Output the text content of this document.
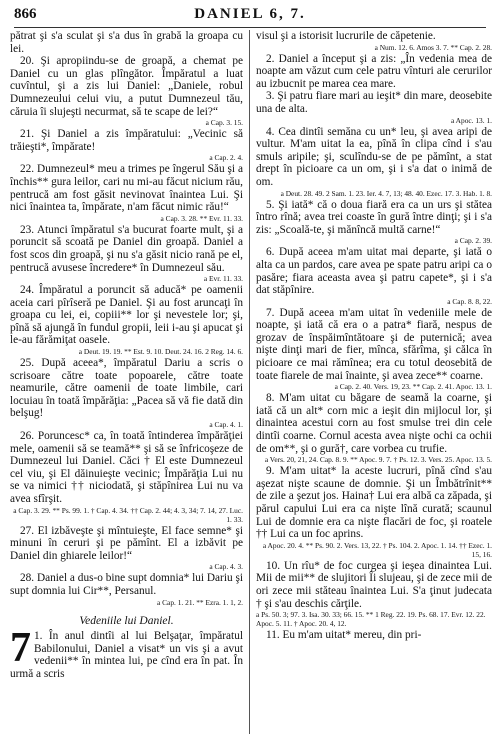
866	DANIEL 6, 7.

pătrat şi s'a sculat şi s'a dus în grabă la groapa cu lei.

20. Şi apropiindu-se de groapă, a chemat pe Daniel cu un glas plîngător. Împăratul a luat cuvîntul, şi a zis lui Daniel: „Daniele, robul Dumnezeului celui viu, a putut Dumnezeul tău, căruia îi slujeşti necurmat, să te scape de lei?“

a Cap. 3. 15.

21. Şi Daniel a zis împăratului: „Vecinic să trăieşti*, împărate!

a Cap. 2. 4.

22. Dumnezeul* meu a trimes pe îngerul Său şi a închis** gura leilor, cari nu mi-au făcut nicium rău, pentrucă am fost găsit nevinovat înaintea Lui. Şi nici înaintea ta, împărate, n'am făcut nimic rău!“

a Cap. 3. 28. ** Evr. 11. 33.

23. Atunci împăratul s'a bucurat foarte mult, şi a poruncit să scoată pe Daniel din groapă. Daniel a fost scos din groapă, şi nu s'a găsit nicio rană pe el, pentrucă avusese încredere* în Dumnezeul său.

a Evr. 11. 33.

24. Împăratul a poruncit să aducă* pe oamenii aceia cari pîrîseră pe Daniel. Şi au fost aruncaţi în groapa cu lei, ei, copiii** lor şi nevestele lor; şi, pînă să ajungă în fundul gropii, leii i-au şi apucat şi le-au fărămiţat oasele.

a Deut. 19. 19. ** Est. 9. 10. Deut. 24. 16. 2 Reg. 14. 6.

25. După aceea*, împăratul Dariu a scris o scrisoare către toate popoarele, către toate neamurile, către oamenii de toate limbile, cari locuiau în toată împărăţia: „Pacea să vă fie dată din belşug!

a Cap. 4. 1.

26. Poruncesc* ca, în toată întinderea împărăţiei mele, oamenii să se teamă** şi să se înfricoşeze de Dumnezeul lui Daniel. Căci † El este Dumnezeul cel viu, şi El dăinuieşte vecinic; Împărăţia Lui nu se va nimici †† niciodată, şi stăpînirea Lui nu va avea sfîrşit.

a Cap. 3. 29. ** Ps. 99. 1. † Cap. 4. 34. †† Cap. 2. 44; 4. 3, 34; 7. 14, 27. Luc. 1. 33.

27. El izbăveşte şi mîntuieşte, El face semne* şi minuni în ceruri şi pe pămînt. El a izbăvit pe Daniel din ghiarele leilor!“

a Cap. 4. 3.

28. Daniel a dus-o bine supt domnia* lui Dariu şi supt domnia lui Cir**, Persanul.

a Cap. 1. 21. ** Ezra. 1. 1, 2.

Vedeniile lui Daniel.

7 1. În anul dintîi al lui Belşaţar, împăratul Babilonului, Daniel a visat* un vis şi a avut vedenii** în mintea lui, pe cînd era în pat. În urmă a scris

visul şi a istorisit lucrurile de căpetenie.

a Num. 12. 6. Amos 3. 7. ** Cap. 2. 28.

2. Daniel a început şi a zis: „În vedenia mea de noapte am văzut cum cele patru vînturi ale cerurilor au izbucnit pe marea cea mare.

3. Şi patru fiare mari au ieşit* din mare, deosebite una de alta.

a Apoc. 13. 1.

4. Cea dintîi semăna cu un* leu, şi avea aripi de vultur. M'am uitat la ea, pînă în clipa cînd i s'au smuls aripile; şi, sculîndu-se de pe pămînt, a stat drept în picioare ca un om, şi i s'a dat o inimă de om.

a Deut. 28. 49. 2 Sam. 1. 23. Ier. 4. 7, 13; 48. 40. Ezec. 17. 3. Hab. 1. 8.

5. Şi iată* că o doua fiară era ca un urs şi stătea întro rînă; avea trei coaste în gură între dinţi; şi i s'a zis: „Scoală-te, şi mănîncă multă carne!“

a Cap. 2. 39.

6. După aceea m'am uitat mai departe, şi iată o alta ca un pardos, care avea pe spate patru aripi ca o pasăre; fiara aceasta avea şi patru capete*, şi i s'a dat stăpînire.

a Cap. 8. 8, 22.

7. După aceea m'am uitat în vedeniile mele de noapte, şi iată că era o a patra* fiară, nespus de grozav de înspăimîntătoare şi de puternică; avea nişte dinţi mari de fier, mînca, sfărîma, şi călca în picioare ce mai rămînea; era cu totul deosebită de toate fiarele de mai înainte, şi avea zece** coarne.

a Cap. 2. 40. Vers. 19, 23. ** Cap. 2. 41. Apoc. 13. 1.

8. M'am uitat cu băgare de seamă la coarne, şi iată că un alt* corn mic a ieşit din mijlocul lor, şi dinaintea acestui corn au fost smulse trei din cele dintîi coarne. Cornul acesta avea nişte ochi ca ochii de om**, şi o gură†, care vorbea cu trufie.

a Vers. 20, 21, 24. Cap. 8. 9. ** Apoc. 9. 7. † Ps. 12. 3. Vers. 25. Apoc. 13. 5.

9. M'am uitat* la aceste lucruri, pînă cînd s'au aşezat nişte scaune de domnie. Şi un Îmbătrînit** de zile a şezut jos. Haina† Lui era albă ca zăpada, şi părul capului Lui era ca nişte lînă curată; scaunul Lui de domnie era ca nişte flacări de foc, şi roatele †† Lui ca un foc aprins.

a Apoc. 20. 4. ** Ps. 90. 2. Vers. 13, 22. † Ps. 104. 2. Apoc. 1. 14. †† Ezec. 1. 15, 16.

10. Un rîu* de foc curgea şi ieşea dinaintea Lui. Mii de mii** de slujitori Îi slujeau, şi de zece mii de ori zece mii stăteau înaintea Lui. S'a ţinut judecata † şi s'au deschis cărţile.

a Ps. 50. 3; 97. 3. Isa. 30. 33; 66. 15. ** 1 Reg. 22. 19. Ps. 68. 17. Evr. 12. 22. Apoc. 5. 11. † Apoc. 20. 4, 12.

11. Eu m'am uitat* mereu, din pri-
